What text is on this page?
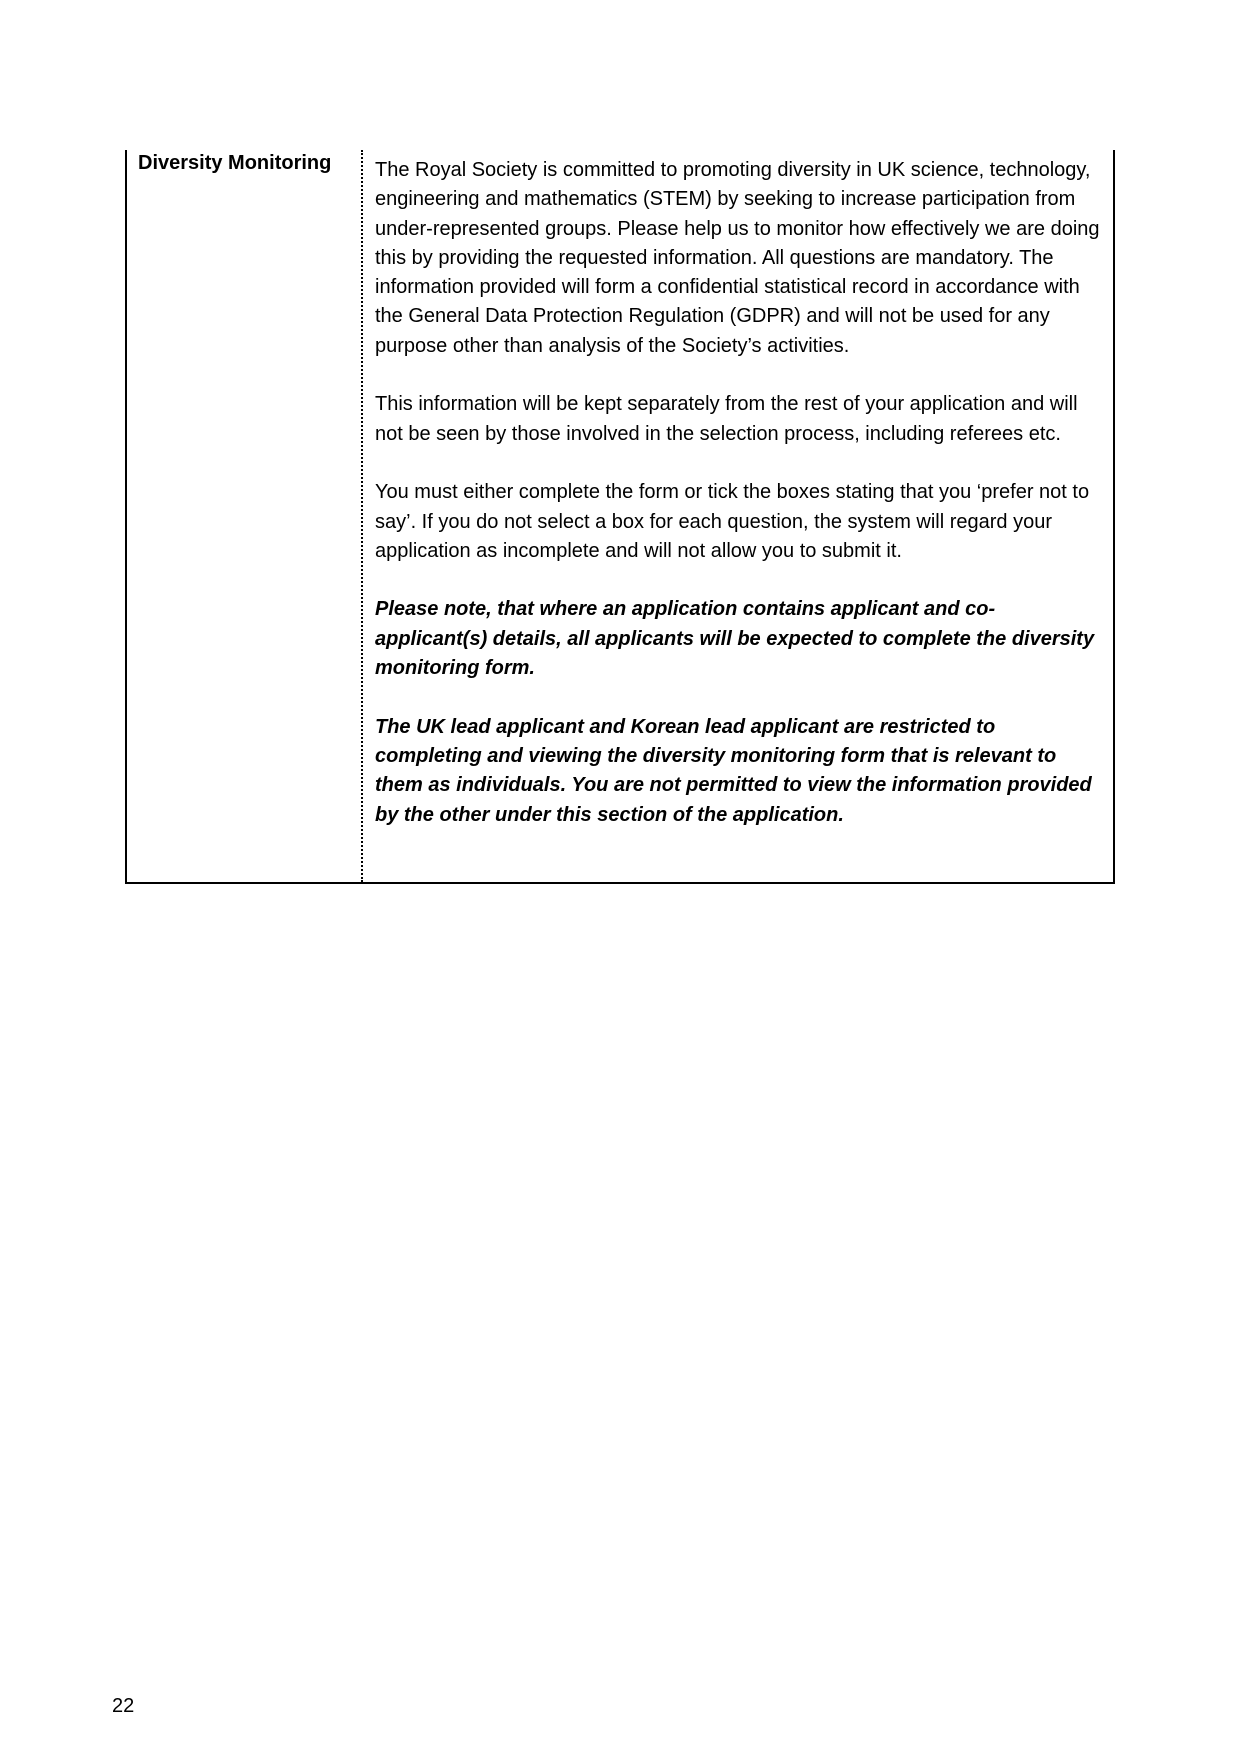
Diversity Monitoring The Royal Society is committed to promoting diversity in UK science, technology, engineering and mathematics (STEM) by seeking to increase participation from under-represented groups. Please help us to monitor how effectively we are doing this by providing the requested information. All questions are mandatory. The information provided will form a confidential statistical record in accordance with the General Data Protection Regulation (GDPR) and will not be used for any purpose other than analysis of the Society’s activities.

This information will be kept separately from the rest of your application and will not be seen by those involved in the selection process, including referees etc.

You must either complete the form or tick the boxes stating that you ‘prefer not to say’. If you do not select a box for each question, the system will regard your application as incomplete and will not allow you to submit it.

Please note, that where an application contains applicant and co-applicant(s) details, all applicants will be expected to complete the diversity monitoring form.

The UK lead applicant and Korean lead applicant are restricted to completing and viewing the diversity monitoring form that is relevant to them as individuals. You are not permitted to view the information provided by the other under this section of the application.

22
